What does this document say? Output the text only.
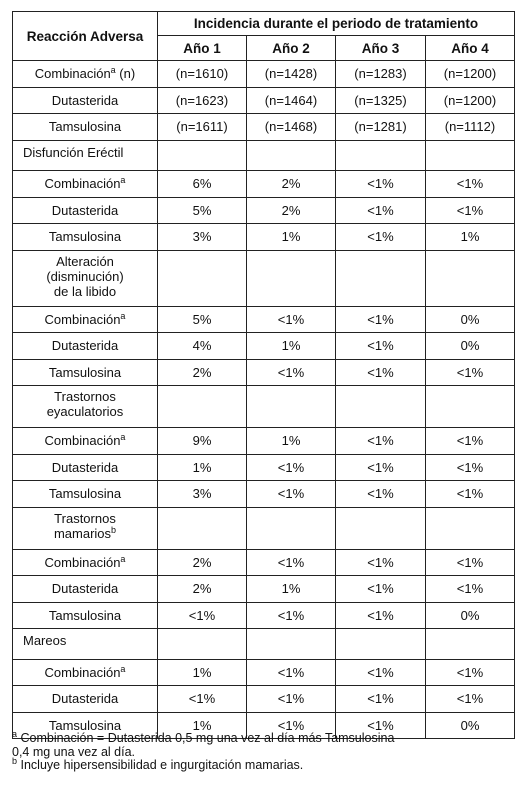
Reacción Adversa	Incidencia durante el periodo de tratamiento			
	Año 1	Año 2	Año 3	Año 4
Combinación$^a$ (n)	(n=1610)	(n=1428)	(n=1283)	(n=1200)
Dutasterida	(n=1623)	(n=1464)	(n=1325)	(n=1200)
Tamsulosina	(n=1611)	(n=1468)	(n=1281)	(n=1112)
Disfunción Eréctil				
Combinación$^a$	6%	2%	<1%	<1%
Dutasterida	5%	2%	<1%	<1%
Tamsulosina	3%	1%	<1%	1%
Alteración
(disminución)
de la libido				
Combinación$^a$	5%	<1%	<1%	0%
Dutasterida	4%	1%	<1%	0%
Tamsulosina	2%	<1%	<1%	<1%
Trastornos
eyaculatorios				
Combinación$^a$	9%	1%	<1%	<1%
Dutasterida	1%	<1%	<1%	<1%
Tamsulosina	3%	<1%	<1%	<1%
Trastornos
mamarios$^b$				
Combinación$^a$	2%	<1%	<1%	<1%
Dutasterida	2%	1%	<1%	<1%
Tamsulosina	<1%	<1%	<1%	0%
Mareos				
Combinación$^a$	1%	<1%	<1%	<1%
Dutasterida	<1%	<1%	<1%	<1%
Tamsulosina	1%	<1%	<1%	0%

$^a$ Combinación = Dutasterida 0,5 mg una vez al día más Tamsulosina
0,4 mg una vez al día.

$^b$ Incluye hipersensibilidad e ingurgitación mamarias.
